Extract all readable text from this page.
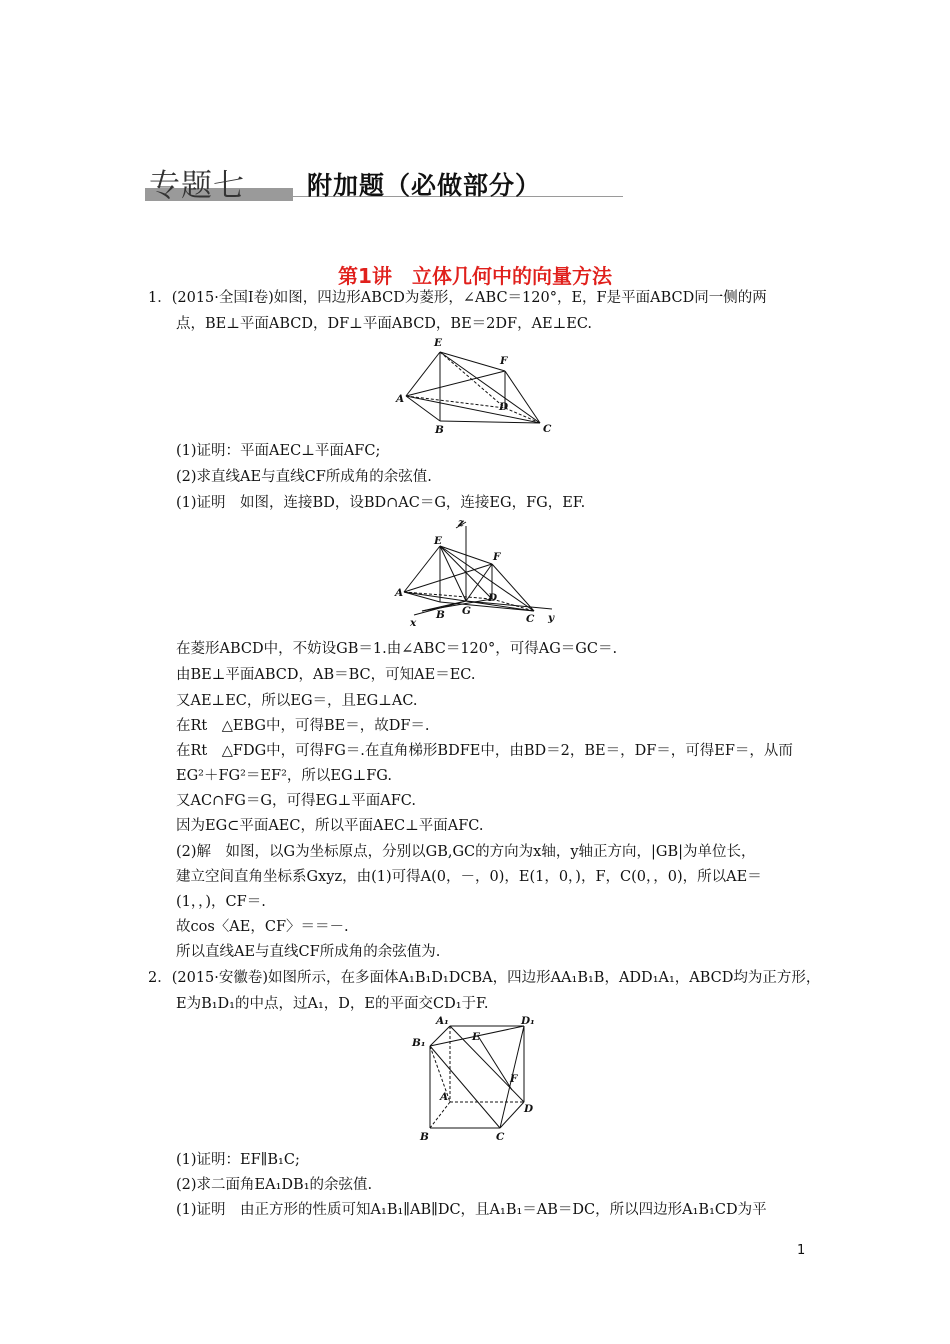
专题七 附加题（必做部分）
第1讲　立体几何中的向量方法
1．(2015·全国Ⅰ卷)如图，四边形ABCD为菱形，∠ABC＝120°，E，F是平面ABCD同一侧的两
点，BE⊥平面ABCD，DF⊥平面ABCD，BE＝2DF，AE⊥EC.
E
F
A
D
B	C
(1)证明：平面AEC⊥平面AFC;
(2)求直线AE与直线CF所成角的余弦值.
(1)证明　如图，连接BD，设BD∩AC＝G，连接EG，FG，EF.
z
E
F
A
G
D
B	C
x	y
在菱形ABCD中，不妨设GB＝1.由∠ABC＝120°，可得AG＝GC＝.
由BE⊥平面ABCD，AB＝BC，可知AE＝EC.
又AE⊥EC，所以EG＝，且EG⊥AC.
在Rt　△EBG中，可得BE＝，故DF＝.
在Rt　△FDG中，可得FG＝.在直角梯形BDFE中，由BD＝2，BE＝，DF＝，可得EF＝，从而
EG²＋FG²＝EF²，所以EG⊥FG.
又AC∩FG＝G，可得EG⊥平面AFC.
因为EG⊂平面AEC，所以平面AEC⊥平面AFC.
(2)解　如图，以G为坐标原点，分别以GB,GC的方向为x轴，y轴正方向，|GB|为单位长，
建立空间直角坐标系Gxyz，由(1)可得A(0，－，0)，E(1，0，)，F，C(0，，0)，所以AE＝
(1，，)，CF＝.
故cos〈AE，CF〉＝＝－.
所以直线AE与直线CF所成角的余弦值为.
2．(2015·安徽卷)如图所示，在多面体A₁B₁D₁DCBA，四边形AA₁B₁B，ADD₁A₁，ABCD均为正方形，
E为B₁D₁的中点，过A₁，D，E的平面交CD₁于F.
A₁	D₁
E
B₁
F
A
D
B	C
(1)证明：EF∥B₁C;
(2)求二面角EA₁DB₁的余弦值.
(1)证明　由正方形的性质可知A₁B₁∥AB∥DC，且A₁B₁＝AB＝DC，所以四边形A₁B₁CD为平
1
